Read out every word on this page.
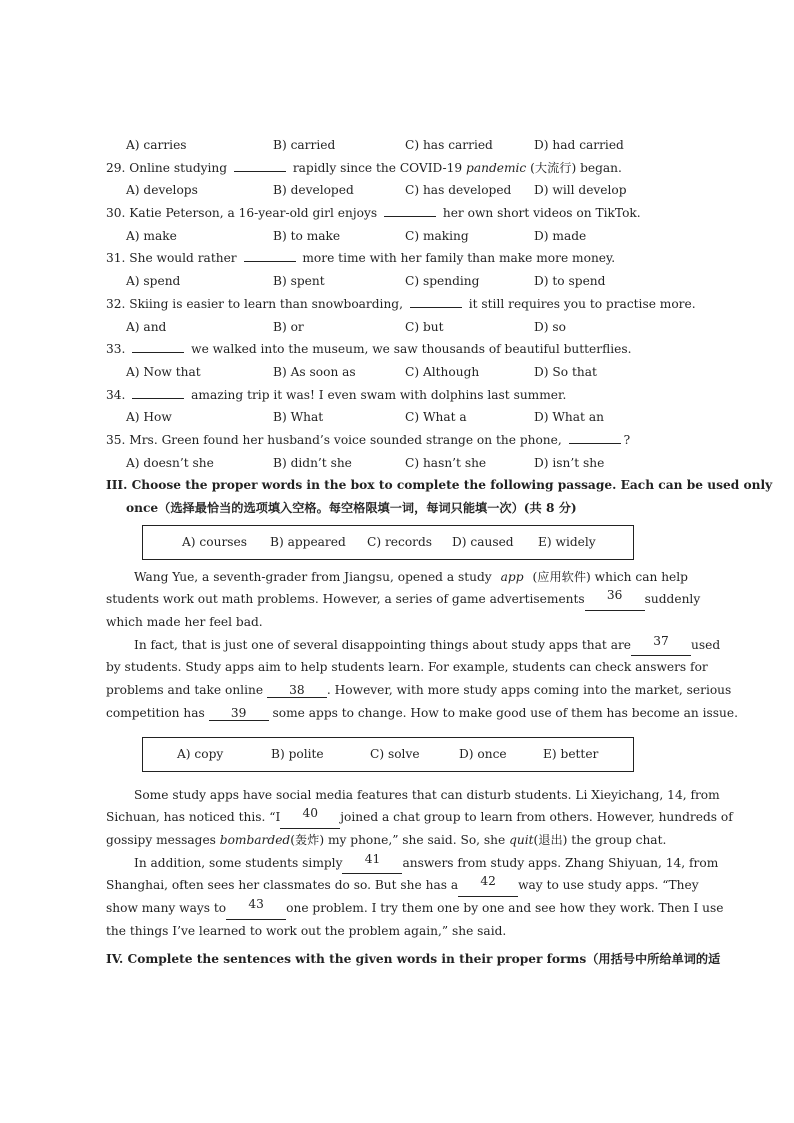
A) carries	B) carried	C) has carried	D) had carried
29. Online studying	rapidly since the COVID-19 pandemic (大流行) began.
A) develops	B) developed	C) has developed D) will develop
30. Katie Peterson, a 16-year-old girl enjoys	her own short videos on TikTok.
A) make	B) to make	C) making	D) made
31. She would rather	more time with her family than make more money.
A) spend	B) spent	C) spending	D) to spend
32. Skiing is easier to learn than snowboarding,	it still requires you to practise more.
A) and	B) or	C) but	D) so
33.	we walked into the museum, we saw thousands of beautiful butterflies.
A) Now that	B) As soon as	C) Although	D) So that
34.	amazing trip it was! I even swam with dolphins last summer.
A) How	B) What	C) What a	D) What an
35. Mrs. Green found her husband’s voice sounded strange on the phone,	?
A) doesn’t she	B) didn’t she	C) hasn’t she	D) isn’t she
III. Choose the proper words in the box to complete the following passage. Each can be used only
once（选择最恰当的选项填入空格。每空格限填一词，每词只能填一次）(共 8 分)
A) courses B) appeared C) records D) caused E) widely
Wang Yue, a seventh-grader from Jiangsu, opened a study app (应用软件) which can help
students work out math problems. However, a series of game advertisements	36	suddenly
which made her feel bad.
In fact, that is just one of several disappointing things about study apps that are	37	used
by students. Study apps aim to help students learn. For example, students can check answers for
problems and take online 38 . However, with more study apps coming into the market, serious
competition has 39 some apps to change. How to make good use of them has become an issue.
A) copy	B) polite	C) solve	D) once	E) better
Some study apps have social media features that can disturb students. Li Xieyichang, 14, from
Sichuan, has noticed this. “I	40	joined a chat group to learn from others. However, hundreds of
gossipy messages bombarded(轰炸) my phone,” she said. So, she quit(退出) the group chat.
In addition, some students simply	41	answers from study apps. Zhang Shiyuan, 14, from
Shanghai, often sees her classmates do so. But she has a	42	way to use study apps. “They
show many ways to	43	one problem. I try them one by one and see how they work. Then I use
the things I’ve learned to work out the problem again,” she said.
IV. Complete the sentences with the given words in their proper forms（用括号中所给单词的适
